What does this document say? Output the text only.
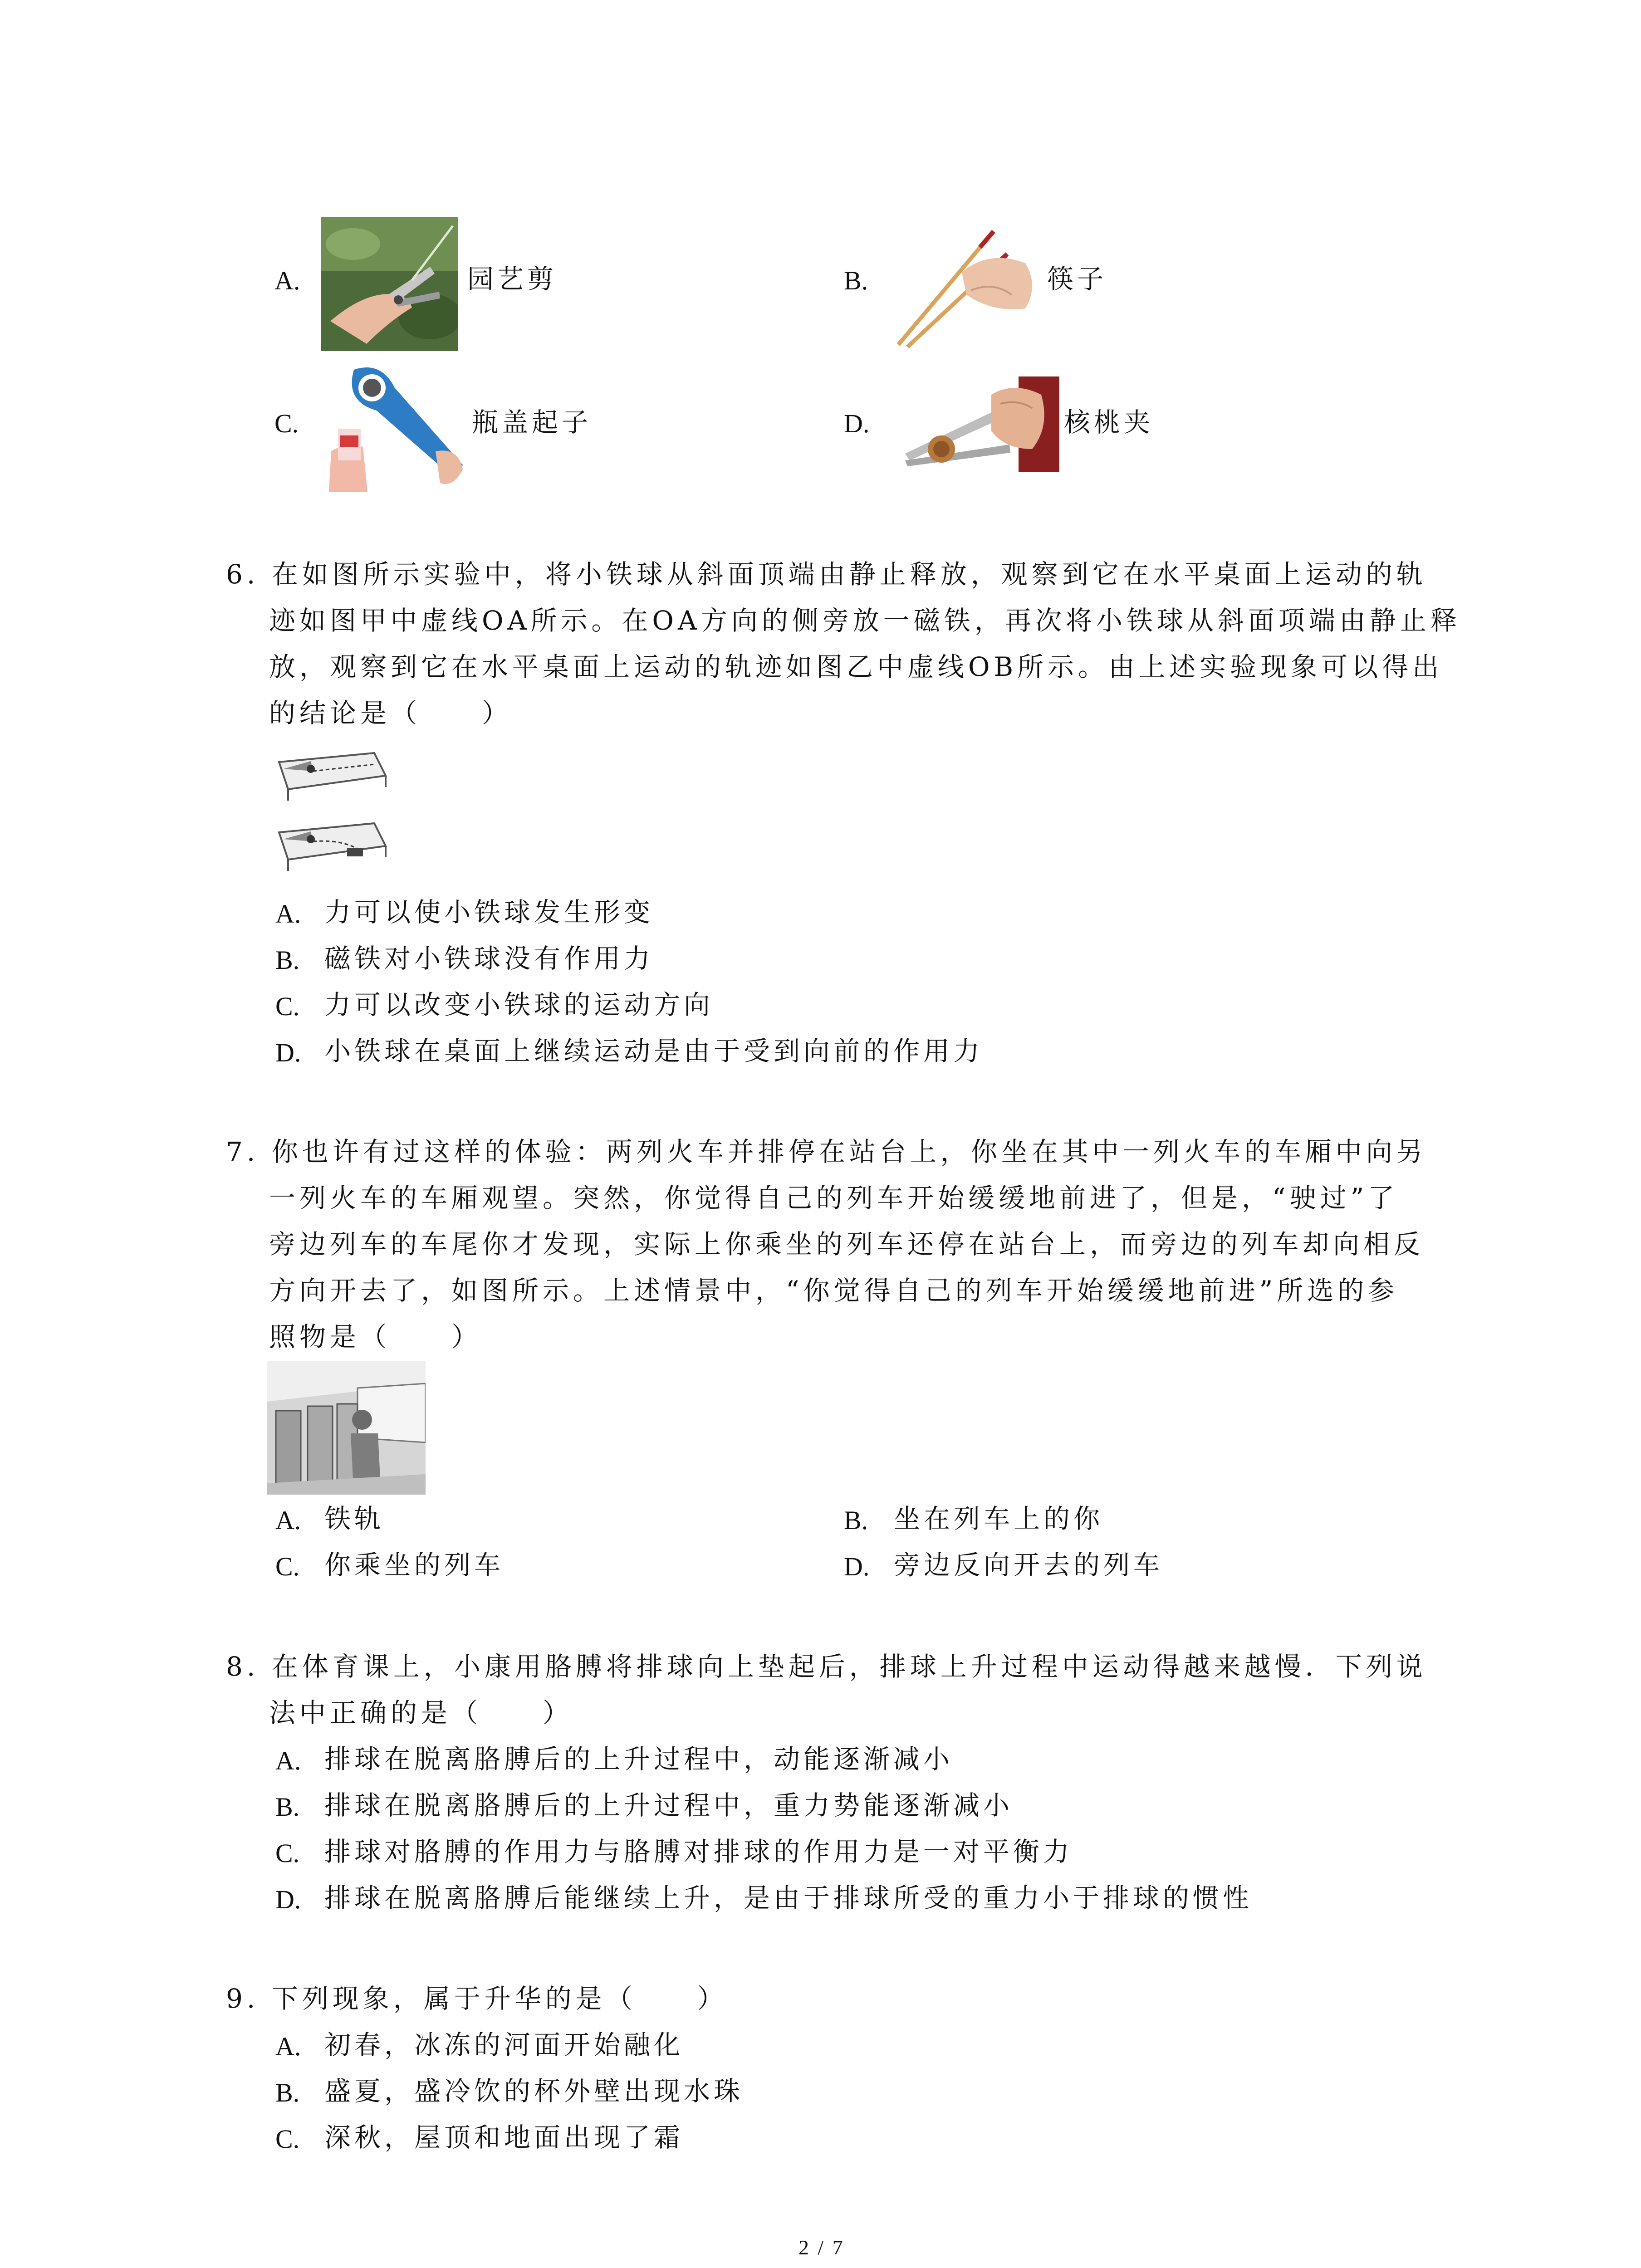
A.	园艺剪	B.	筷子
C.	瓶盖起子	D.	核桃夹
6. 在如图所示实验中，将小铁球从斜面顶端由静止释放，观察到它在水平桌面上运动的轨
迹如图甲中虚线OA所示。在OA方向的侧旁放一磁铁，再次将小铁球从斜面项端由静止释
放，观察到它在水平桌面上运动的轨迹如图乙中虚线OB所示。由上述实验现象可以得出
的结论是（　　）
A. 力可以使小铁球发生形变
B. 磁铁对小铁球没有作用力
C. 力可以改变小铁球的运动方向
D. 小铁球在桌面上继续运动是由于受到向前的作用力
7. 你也许有过这样的体验：两列火车并排停在站台上，你坐在其中一列火车的车厢中向另
一列火车的车厢观望。突然，你觉得自己的列车开始缓缓地前进了，但是，“驶过”了
旁边列车的车尾你才发现，实际上你乘坐的列车还停在站台上，而旁边的列车却向相反
方向开去了，如图所示。上述情景中，“你觉得自己的列车开始缓缓地前进”所选的参
照物是（　　）
A. 铁轨	B. 坐在列车上的你
C. 你乘坐的列车	D. 旁边反向开去的列车
8. 在体育课上，小康用胳膊将排球向上垫起后，排球上升过程中运动得越来越慢．下列说
法中正确的是（　　）
A. 排球在脱离胳膊后的上升过程中，动能逐渐减小
B. 排球在脱离胳膊后的上升过程中，重力势能逐渐减小
C. 排球对胳膊的作用力与胳膊对排球的作用力是一对平衡力
D. 排球在脱离胳膊后能继续上升，是由于排球所受的重力小于排球的惯性
9. 下列现象，属于升华的是（　　）
A. 初春，冰冻的河面开始融化
B. 盛夏，盛冷饮的杯外壁出现水珠
C. 深秋，屋顶和地面出现了霜
2 / 7
